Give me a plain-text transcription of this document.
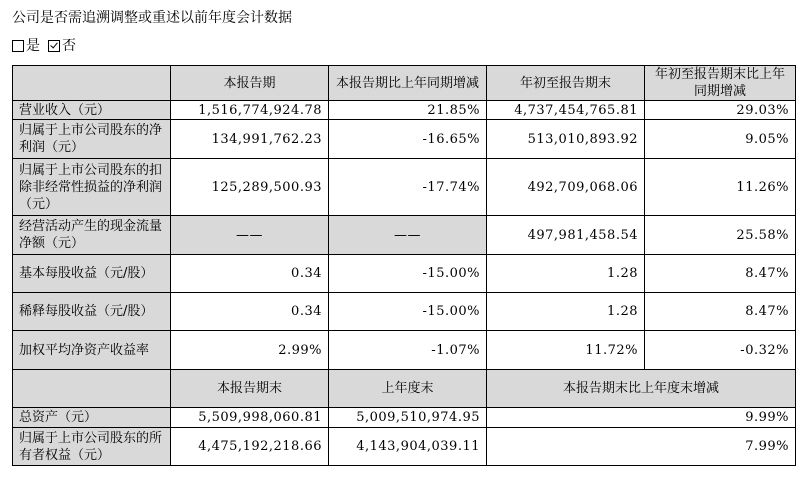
公司是否需追溯调整或重述以前年度会计数据
是 否
	本报告期	本报告期比上年同期增减	年初至报告期末	年初至报告期末比上年同期增减
营业收入（元）	1,516,774,924.78	21.85%	4,737,454,765.81	29.03%
归属于上市公司股东的净利润（元）	134,991,762.23	-16.65%	513,010,893.92	9.05%
归属于上市公司股东的扣除非经常性损益的净利润（元）	125,289,500.93	-17.74%	492,709,068.06	11.26%
经营活动产生的现金流量净额（元）	——	——	497,981,458.54	25.58%
基本每股收益（元/股）	0.34	-15.00%	1.28	8.47%
稀释每股收益（元/股）	0.34	-15.00%	1.28	8.47%
加权平均净资产收益率	2.99%	-1.07%	11.72%	-0.32%
	本报告期末	上年度末	本报告期末比上年度末增减	
总资产（元）	5,509,998,060.81	5,009,510,974.95	9.99%	
归属于上市公司股东的所有者权益（元）	4,475,192,218.66	4,143,904,039.11	7.99%	
